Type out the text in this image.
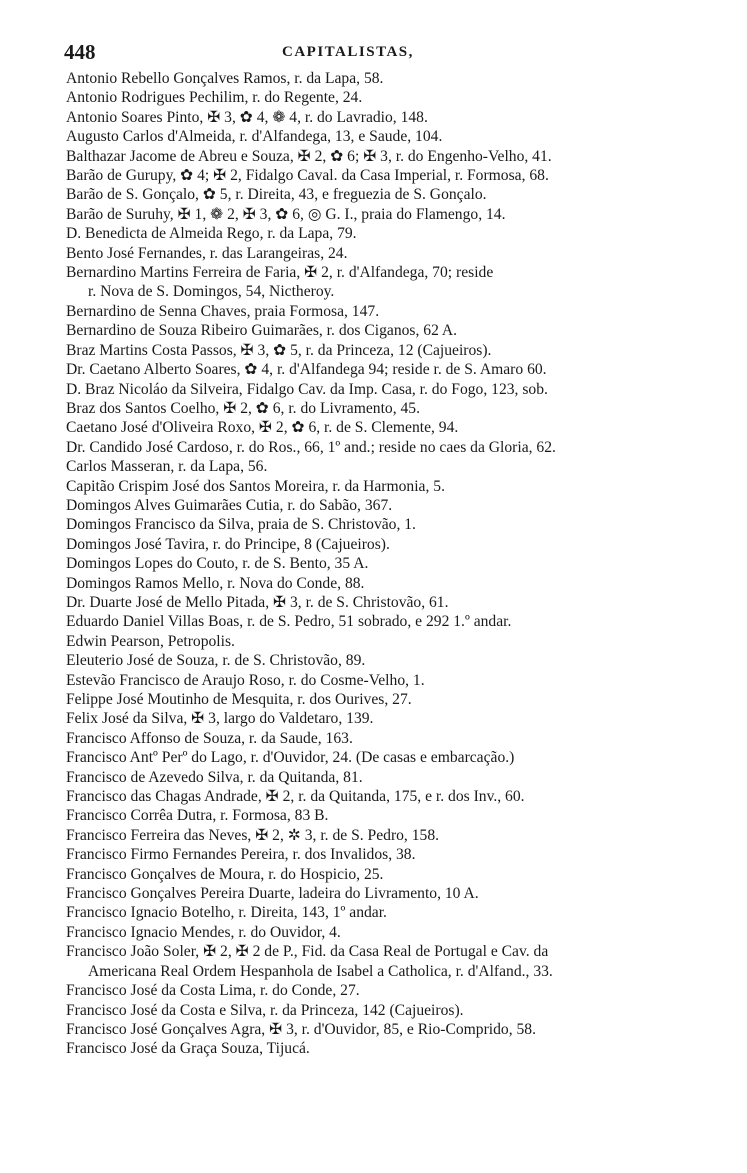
448	CAPITALISTAS,
Antonio Rebello Gonçalves Ramos, r. da Lapa, 58.
Antonio Rodrigues Pechilim, r. do Regente, 24.
Antonio Soares Pinto, ✠ 3, ✿ 4, ❁ 4, r. do Lavradio, 148.
Augusto Carlos d'Almeida, r. d'Alfandega, 13, e Saude, 104.
Balthazar Jacome de Abreu e Souza, ✠ 2, ✿ 6; ✠ 3, r. do Engenho-Velho, 41.
Barão de Gurupy, ✿ 4; ✠ 2, Fidalgo Caval. da Casa Imperial, r. Formosa, 68.
Barão de S. Gonçalo, ✿ 5, r. Direita, 43, e freguezia de S. Gonçalo.
Barão de Suruhy, ✠ 1, ❁ 2, ✠ 3, ✿ 6, ◎ G. I., praia do Flamengo, 14.
D. Benedicta de Almeida Rego, r. da Lapa, 79.
Bento José Fernandes, r. das Larangeiras, 24.
Bernardino Martins Ferreira de Faria, ✠ 2, r. d'Alfandega, 70; reside
r. Nova de S. Domingos, 54, Nictheroy.
Bernardino de Senna Chaves, praia Formosa, 147.
Bernardino de Souza Ribeiro Guimarães, r. dos Ciganos, 62 A.
Braz Martins Costa Passos, ✠ 3, ✿ 5, r. da Princeza, 12 (Cajueiros).
Dr. Caetano Alberto Soares, ✿ 4, r. d'Alfandega 94; reside r. de S. Amaro 60.
D. Braz Nicoláo da Silveira, Fidalgo Cav. da Imp. Casa, r. do Fogo, 123, sob.
Braz dos Santos Coelho, ✠ 2, ✿ 6, r. do Livramento, 45.
Caetano José d'Oliveira Roxo, ✠ 2, ✿ 6, r. de S. Clemente, 94.
Dr. Candido José Cardoso, r. do Ros., 66, 1º and.; reside no caes da Gloria, 62.
Carlos Masseran, r. da Lapa, 56.
Capitão Crispim José dos Santos Moreira, r. da Harmonia, 5.
Domingos Alves Guimarães Cutia, r. do Sabão, 367.
Domingos Francisco da Silva, praia de S. Christovão, 1.
Domingos José Tavira, r. do Principe, 8 (Cajueiros).
Domingos Lopes do Couto, r. de S. Bento, 35 A.
Domingos Ramos Mello, r. Nova do Conde, 88.
Dr. Duarte José de Mello Pitada, ✠ 3, r. de S. Christovão, 61.
Eduardo Daniel Villas Boas, r. de S. Pedro, 51 sobrado, e 292 1.º andar.
Edwin Pearson, Petropolis.
Eleuterio José de Souza, r. de S. Christovão, 89.
Estevão Francisco de Araujo Roso, r. do Cosme-Velho, 1.
Felippe José Moutinho de Mesquita, r. dos Ourives, 27.
Felix José da Silva, ✠ 3, largo do Valdetaro, 139.
Francisco Affonso de Souza, r. da Saude, 163.
Francisco Antº Perº do Lago, r. d'Ouvidor, 24. (De casas e embarcação.)
Francisco de Azevedo Silva, r. da Quitanda, 81.
Francisco das Chagas Andrade, ✠ 2, r. da Quitanda, 175, e r. dos Inv., 60.
Francisco Corrêa Dutra, r. Formosa, 83 B.
Francisco Ferreira das Neves, ✠ 2, ✲ 3, r. de S. Pedro, 158.
Francisco Firmo Fernandes Pereira, r. dos Invalidos, 38.
Francisco Gonçalves de Moura, r. do Hospicio, 25.
Francisco Gonçalves Pereira Duarte, ladeira do Livramento, 10 A.
Francisco Ignacio Botelho, r. Direita, 143, 1º andar.
Francisco Ignacio Mendes, r. do Ouvidor, 4.
Francisco João Soler, ✠ 2, ✠ 2 de P., Fid. da Casa Real de Portugal e Cav. da
Americana Real Ordem Hespanhola de Isabel a Catholica, r. d'Alfand., 33.
Francisco José da Costa Lima, r. do Conde, 27.
Francisco José da Costa e Silva, r. da Princeza, 142 (Cajueiros).
Francisco José Gonçalves Agra, ✠ 3, r. d'Ouvidor, 85, e Rio-Comprido, 58.
Francisco José da Graça Souza, Tijucá.
